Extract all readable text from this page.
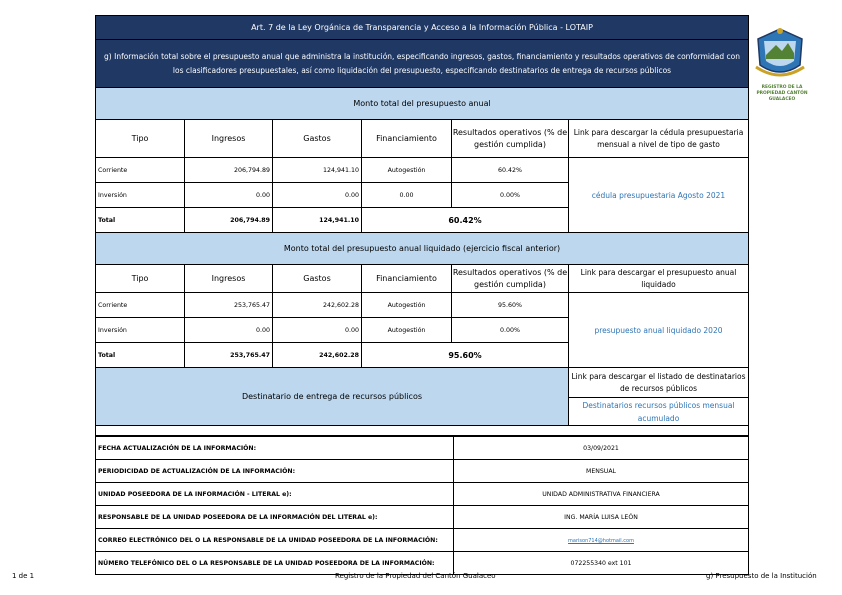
Art. 7 de la Ley Orgánica de Transparencia y Acceso a la Información Pública - LOTAIP					
g) Información total sobre el presupuesto anual que administra la institución, especificando ingresos, gastos, financiamiento y resultados operativos de conformidad con los clasificadores presupuestales, así como liquidación del presupuesto, especificando destinatarios de entrega de recursos públicos					
Monto total del presupuesto anual					
Tipo	Ingresos	Gastos	Financiamiento	Resultados operativos (% de gestión cumplida)	Link para descargar la cédula presupuestaria mensual a nivel de tipo de gasto
Corriente	206,794.89	124,941.10	Autogestión	60.42%	cédula presupuestaria Agosto 2021
Inversión	0.00	0.00	0.00	0.00%	
Total	206,794.89	124,941.10	60.42%		
Monto total del presupuesto anual liquidado (ejercicio fiscal anterior)					
Tipo	Ingresos	Gastos	Financiamiento	Resultados operativos (% de gestión cumplida)	Link para descargar el presupuesto anual liquidado
Corriente	253,765.47	242,602.28	Autogestión	95.60%	presupuesto anual liquidado 2020
Inversión	0.00	0.00	Autogestión	0.00%	
Total	253,765.47	242,602.28	95.60%		
Destinatario de entrega de recursos públicos					Link para descargar el listado de destinatarios de recursos públicos
					Destinatarios recursos públicos mensual acumulado

FECHA ACTUALIZACIÓN DE LA INFORMACIÓN:	03/09/2021
PERIODICIDAD DE ACTUALIZACIÓN DE LA INFORMACIÓN:	MENSUAL
UNIDAD POSEEDORA DE LA INFORMACIÓN - LITERAL e):	UNIDAD ADMINISTRATIVA FINANCIERA
RESPONSABLE DE LA UNIDAD POSEEDORA DE LA INFORMACIÓN DEL LITERAL e):	ING. MARÍA LUISA LEÓN
CORREO ELECTRÓNICO DEL O LA RESPONSABLE DE LA UNIDAD POSEEDORA DE LA INFORMACIÓN:	marison714@hotmail.com
NÚMERO TELEFÓNICO DEL O LA RESPONSABLE DE LA UNIDAD POSEEDORA DE LA INFORMACIÓN:	072255340 ext 101
REGISTRO DE LA PROPIEDAD CANTÓN GUALACEO
1 de 1	Registro de la Propiedad del Cantón Gualaceo	g) Presupuesto de la Institución
